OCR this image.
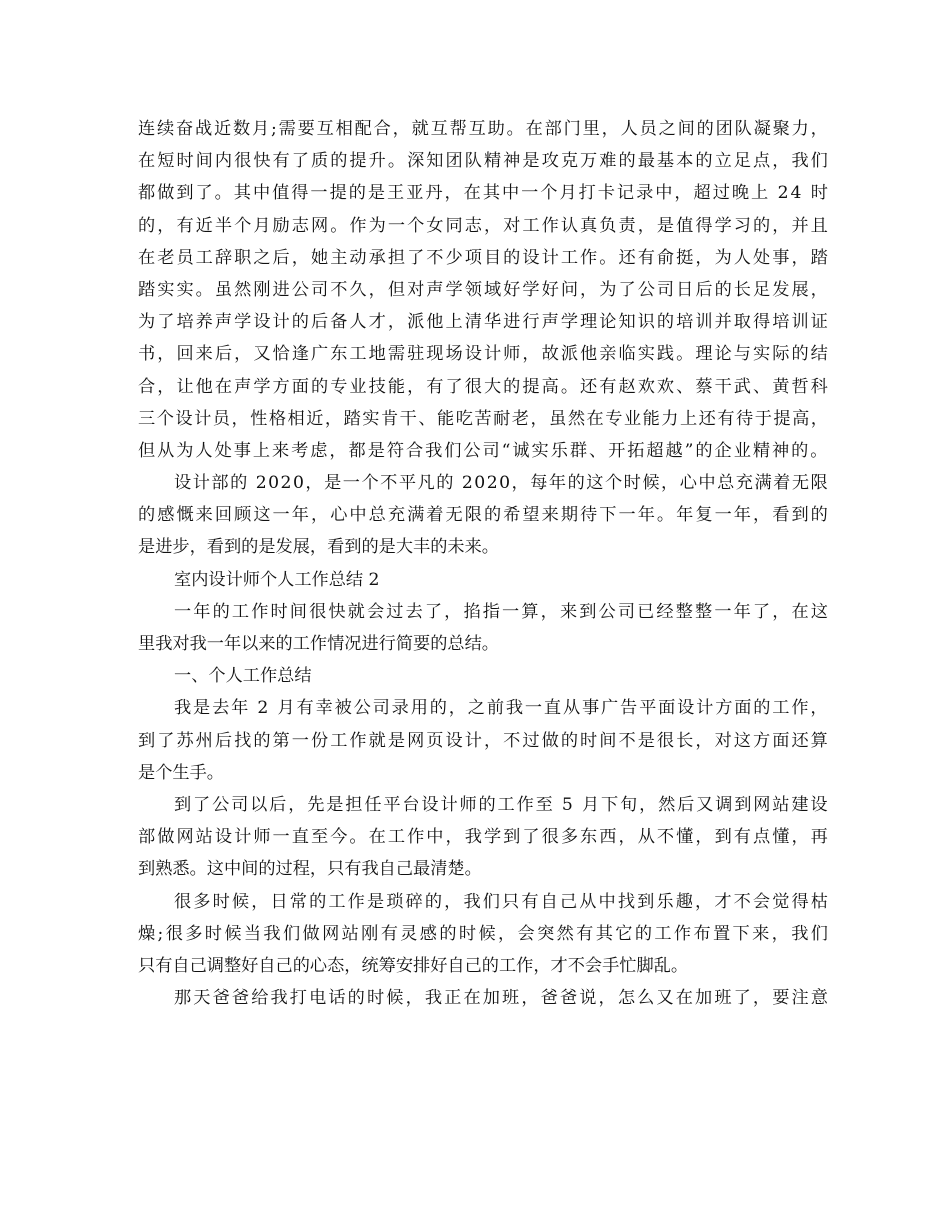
连 续 奋 战 近 数 月 ; 需 要 互 相 配 合 ， 就 互 帮 互 助 。 在 部 门 里 ， 人 员 之 间 的 团 队 凝 聚 力 ，
在 短 时 间 内 很 快 有 了 质 的 提 升 。 深 知 团 队 精 神 是 攻 克 万 难 的 最 基 本 的 立 足 点 ， 我 们
都 做 到 了 。 其 中 值 得 一 提 的 是 王 亚 丹 ， 在 其 中 一 个 月 打 卡 记 录 中 ， 超 过 晚 上
2 4
时
的 ， 有 近 半 个 月 励 志 网 。 作 为 一 个 女 同 志 ， 对 工 作 认 真 负 责 ， 是 值 得 学 习 的 ， 并 且
在 老 员 工 辞 职 之 后 ， 她 主 动 承 担 了 不 少 项 目 的 设 计 工 作 。 还 有 俞 挺 ， 为 人 处 事 ， 踏
踏 实 实 。 虽 然 刚 进 公 司 不 久 ， 但 对 声 学 领 域 好 学 好 问 ， 为 了 公 司 日 后 的 长 足 发 展 ，
为 了 培 养 声 学 设 计 的 后 备 人 才 ， 派 他 上 清 华 进 行 声 学 理 论 知 识 的 培 训 并 取 得 培 训 证
书 ， 回 来 后 ， 又 恰 逢 广 东 工 地 需 驻 现 场 设 计 师 ， 故 派 他 亲 临 实 践 。 理 论 与 实 际 的 结
合 ， 让 他 在 声 学 方 面 的 专 业 技 能 ， 有 了 很 大 的 提 高 。 还 有 赵 欢 欢 、 蔡 干 武 、 黄 哲 科
三 个 设 计 员 ， 性 格 相 近 ， 踏 实 肯 干 、 能 吃 苦 耐 老 ， 虽 然 在 专 业 能 力 上 还 有 待 于 提 高 ，
但 从 为 人 处 事 上 来 考 虑 ， 都 是 符 合 我 们 公 司 “ 诚 实 乐 群 、 开 拓 超 越 ” 的 企 业 精 神 的 。
设 计 部 的
2 0 2 0 ， 是 一 个 不 平 凡 的
2 0 2 0 ， 每 年 的 这 个 时 候 ， 心 中 总 充 满 着 无 限
的 感 慨 来 回 顾 这 一 年 ， 心 中 总 充 满 着 无 限 的 希 望 来 期 待 下 一 年 。 年 复 一 年 ， 看 到 的
是进步，看到的是发展，看到的是大丰的未来。
室内设计师个人工作总结 2
一 年 的 工 作 时 间 很 快 就 会 过 去 了 ， 掐 指 一 算 ， 来 到 公 司 已 经 整 整 一 年 了 ， 在 这
里我对我一年以来的工作情况进行简要的总结。
一、个人工作总结
我 是 去 年
2
月 有 幸 被 公 司 录 用 的 ， 之 前 我 一 直 从 事 广 告 平 面 设 计 方 面 的 工 作 ，
到 了 苏 州 后 找 的 第 一 份 工 作 就 是 网 页 设 计 ， 不 过 做 的 时 间 不 是 很 长 ， 对 这 方 面 还 算
是个生手。
到 了 公 司 以 后 ， 先 是 担 任 平 台 设 计 师 的 工 作 至
5
月 下 旬 ， 然 后 又 调 到 网 站 建 设
部 做 网 站 设 计 师 一 直 至 今 。 在 工 作 中 ， 我 学 到 了 很 多 东 西 ， 从 不 懂 ， 到 有 点 懂 ， 再
到熟悉。这中间的过程，只有我自己最清楚。
很 多 时 候 ， 日 常 的 工 作 是 琐 碎 的 ， 我 们 只 有 自 己 从 中 找 到 乐 趣 ， 才 不 会 觉 得 枯
燥 ; 很 多 时 候 当 我 们 做 网 站 刚 有 灵 感 的 时 候 ， 会 突 然 有 其 它 的 工 作 布 置 下 来 ， 我 们
只有自己调整好自己的心态，统筹安排好自己的工作，才不会手忙脚乱。
那 天 爸 爸 给 我 打 电 话 的 时 候 ， 我 正 在 加 班 ， 爸 爸 说 ， 怎 么 又 在 加 班 了 ， 要 注 意
